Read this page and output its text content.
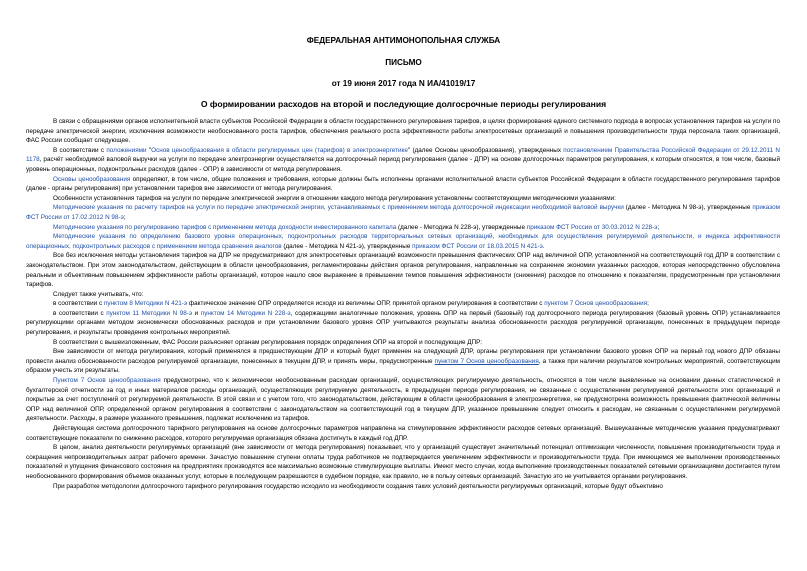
ФЕДЕРАЛЬНАЯ АНТИМОНОПОЛЬНАЯ СЛУЖБА
ПИСЬМО
от 19 июня 2017 года N ИА/41019/17
О формировании расходов на второй и последующие долгосрочные периоды регулирования

В связи с обращениями органов исполнительной власти субъектов Российской Федерации в области государственного регулирования тарифов, в целях формирования единого системного подхода в вопросах установления тарифов на услуги по передаче электрической энергии, исключения возможности необоснованного роста тарифов, обеспечения реального роста эффективности работы электросетевых организаций и повышения производительности труда персонала таких организаций, ФАС России сообщает следующее.

В соответствии с положениями "Основ ценообразования в области регулируемых цен (тарифов) в электроэнергетике" (далее Основы ценообразования), утвержденных постановлением Правительства Российской Федерации от 29.12.2011 N 1178, расчёт необходимой валовой выручки на услуги по передаче электроэнергии осуществляется на долгосрочный период регулирования (далее - ДПР) на основе долгосрочных параметров регулирования, к которым относятся, в том числе, базовый уровень операционных, подконтрольных расходов (далее - ОПР) в зависимости от метода регулирования.

Основы ценообразования определяют, в том числе, общие положения и требования, которые должны быть исполнены органами исполнительной власти субъектов Российской Федерации в области государственного регулирования тарифов (далее - органы регулирования) при установлении тарифов вне зависимости от метода регулирования.

Особенности установления тарифов на услуги по передаче электрической энергии в отношении каждого метода регулирования установлены соответствующими методическими указаниями:

Методические указания по расчету тарифов на услуги по передаче электрической энергии, устанавливаемых с применением метода долгосрочной индексации необходимой валовой выручки (далее - Методика N 98-э), утвержденные приказом ФСТ России от 17.02.2012 N 98-э;

Методические указания по регулированию тарифов с применением метода доходности инвестированного капитала (далее - Методика N 228-э), утвержденные приказом ФСТ России от 30.03.2012 N 228-э;

Методические указания по определению базового уровня операционных, подконтрольных расходов территориальных сетевых организаций, необходимых для осуществления регулируемой деятельности, и индекса эффективности операционных, подконтрольных расходов с применением метода сравнения аналогов (далее - Методика N 421-э), утвержденные приказом ФСТ России от 18.03.2015 N 421-э.

Все без исключения методы установления тарифов на ДПР не предусматривают для электросетевых организаций возможности превышения фактических ОПР над величиной ОПР, установленной на соответствующий год ДПР в соответствии с законодательством. При этом законодательством, действующим в области ценообразования, регламентированы действия органов регулирования, направленные на сохранение экономии указанных расходов, которая непосредственно обусловлена реальным и объективным повышением эффективности работы организаций, которое нашло свое выражение в превышении темпов повышения эффективности (снижения) расходов по отношению к показателям, предусмотренным при установлении тарифов.

Следует также учитывать, что:

в соответствии с пунктом 8 Методики N 421-э фактическое значение ОПР определяется исходя из величины ОПР, принятой органом регулирования в соответствии с пунктом 7 Основ ценообразования;

в соответствии с пунктом 11 Методики N 98-э и пунктом 14 Методики N 228-э, содержащими аналогичные положения, уровень ОПР на первый (базовый) год долгосрочного периода регулирования (базовый уровень ОПР) устанавливается регулирующими органами методом экономически обоснованных расходов и при установлении базового уровня ОПР учитываются результаты анализа обоснованности расходов регулируемой организации, понесенных в предыдущем периоде регулирования, и результаты проведения контрольных мероприятий.

В соответствии с вышеизложенным, ФАС России разъясняет органам регулирования порядок определения ОПР на второй и последующие ДПР:

Вне зависимости от метода регулирования, который применялся в предшествующем ДПР и который будет применен на следующий ДПР, органы регулирования при установлении базового уровня ОПР на первый год нового ДПР обязаны провести анализ обоснованности расходов регулируемой организации, понесенных в текущем ДПР, и принять меры, предусмотренные пунктом 7 Основ ценообразования, а также при наличии результатов контрольных мероприятий, соответствующим образом учесть эти результаты.

Пунктом 7 Основ ценообразования предусмотрено, что к экономически необоснованным расходам организаций, осуществляющих регулируемую деятельность, относятся в том числе выявленные на основании данных статистической и бухгалтерской отчетности за год и иных материалов расходы организаций, осуществляющих регулируемую деятельность, в предыдущем периоде регулирования, не связанные с осуществлением регулируемой деятельности этих организаций и покрытые за счет поступлений от регулируемой деятельности. В этой связи и с учетом того, что законодательством, действующим в области ценообразования в электроэнергетике, не предусмотрена возможность превышения фактической величины ОПР над величиной ОПР, определенной органом регулирования в соответствии с законодательством на соответствующий год в текущем ДПР, указанное превышение следует относить к расходам, не связанным с осуществлением регулируемой деятельности. Расходы, в размере указанного превышения, подлежат исключению из тарифов.

Действующая система долгосрочного тарифного регулирования на основе долгосрочных параметров направлена на стимулирование эффективности расходов сетевых организаций. Вышеуказанные методические указания предусматривают соответствующие показатели по снижению расходов, которого регулируемая организация обязана достигнуть в каждый год ДПР.

В целом, анализ деятельности регулируемых организаций (вне зависимости от метода регулирования) показывает, что у организаций существует значительный потенциал оптимизации численности, повышения производительности труда и сокращения непроизводительных затрат рабочего времени. Зачастую повышение ступени оплаты труда работников не подтверждается увеличением эффективности и производительности труда. При имеющемся же выполнении производственных показателей и упущения финансового состояния на предприятиях производятся все максимально возможные стимулирующие выплаты. Имеют место случаи, когда выполнение производственных показателей сетевыми организациями достигается путем необоснованного формирования объемов оказанных услуг, которые в последующем разрешаются в судебном порядке, как правило, не в пользу сетевых организаций. Зачастую это не учитывается органами регулирования.

При разработке методологии долгосрочного тарифного регулирования государство исходило из необходимости создания таких условий деятельности регулируемых организаций, которые будут объективно
